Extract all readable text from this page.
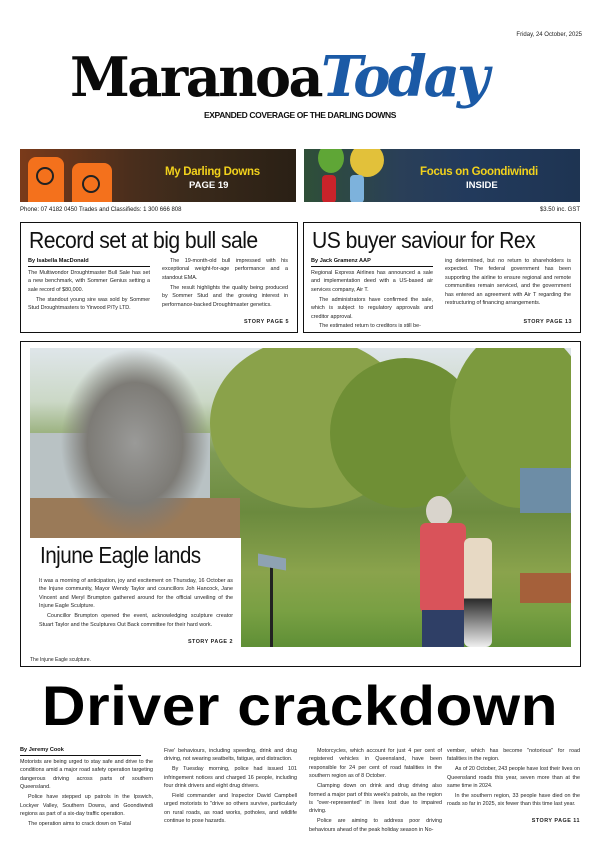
Friday, 24 October, 2025
MaranoaToday
EXPANDED COVERAGE OF THE DARLING DOWNS
My Darling Downs
PAGE 19
Focus on Goondiwindi
INSIDE
Phone: 07 4182 0450 Trades and Classifieds: 1 300 666 808	$3.50 inc. GST
Record set at big bull sale
By Isabella MacDonald

The Multiwondor Droughtmaster Bull Sale has set a new benchmark, with Sommer Genius setting a sale record of $80,000.

The standout young sire was sold by Sommer Stud Droughtmasters to Yirwood P/Ty LTD.

The 19-month-old bull impressed with his exceptional weight-for-age performance and a standout EMA.

The result highlights the quality being produced by Sommer Stud and the growing interest in performance-backed Droughtmaster genetics.

STORY PAGE 5
US buyer saviour for Rex
By Jack Gramenz AAP

Regional Express Airlines has announced a sale and implementation deed with a US-based air services company, Air T.

The administrators have confirmed the sale, which is subject to regulatory approvals and creditor approval.

The estimated return to creditors is still be-

ing determined, but no return to shareholders is expected. The federal government has been supporting the airline to ensure regional and remote communities remain serviced, and the government has entered an agreement with Air T regarding the restructuring of financing arrangements.

STORY PAGE 13
Injune Eagle lands

It was a morning of anticipation, joy and excitement on Thursday, 16 October as the Injune community, Mayor Wendy Taylor and councillors Joh Hancock, Jane Vincent and Meryl Brumpton gathered around for the official unveiling of the Injune Eagle Sculpture.

Councillor Brumpton opened the event, acknowledging sculpture creator Stuart Taylor and the Sculptures Out Back committee for their hard work.

STORY PAGE 2
The Injune Eagle sculpture.
Driver crackdown
By Jeremy Cook

Motorists are being urged to stay safe and drive to the conditions amid a major road safety operation targeting dangerous driving across parts of southern Queensland.

Police have stepped up patrols in the Ipswich, Lockyer Valley, Southern Downs, and Goondiwindi regions as part of a six-day traffic operation.

The operation aims to crack down on 'Fatal

Five' behaviours, including speeding, drink and drug driving, not wearing seatbelts, fatigue, and distraction.

By Tuesday morning, police had issued 101 infringement notices and charged 16 people, including four drink drivers and eight drug drivers.

Field commander and Inspector David Campbell urged motorists to "drive so others survive, particularly on rural roads, as road works, potholes, and wildlife continue to pose hazards.

Motorcycles, which account for just 4 per cent of registered vehicles in Queensland, have been responsible for 24 per cent of road fatalities in the southern region as of 8 October.

Clamping down on drink and drug driving also formed a major part of this week's patrols, as the region is "over-represented" in lives lost due to impaired driving.

Police are aiming to address poor driving behaviours ahead of the peak holiday season in No-

vember, which has become "notorious" for road fatalities in the region.

As of 20 October, 243 people have lost their lives on Queensland roads this year, seven more than at the same time in 2024.

In the southern region, 33 people have died on the roads so far in 2025, six fewer than this time last year.

STORY PAGE 11
